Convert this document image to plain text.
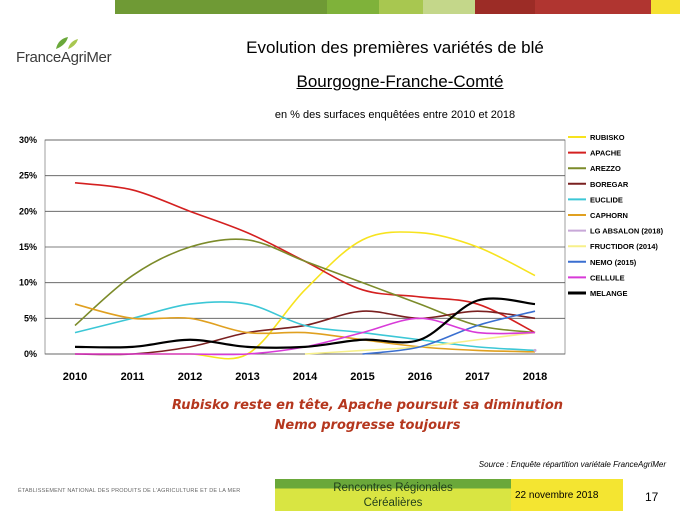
FranceAgriMer
Evolution des premières variétés de blé
Bourgogne-Franche-Comté
en % des surfaces enquêtées entre 2010 et 2018
0%
5%
10%
15%
20%
25%
30%
2010	2011	2012	2013	2014	2015	2016	2017	2018
RUBISKO
APACHE
AREZZO
BOREGAR
EUCLIDE
CAPHORN
LG ABSALON (2018)
FRUCTIDOR (2014)
NEMO (2015)
CELLULE
MELANGE
Rubisko reste en tête, Apache poursuit sa diminution
Nemo progresse toujours
Source : Enquête répartition variétale FranceAgriMer
ÉTABLISSEMENT NATIONAL DES PRODUITS DE L'AGRICULTURE ET DE LA MER	Rencontres Régionales
Céréalières
22 novembre 2018	17
